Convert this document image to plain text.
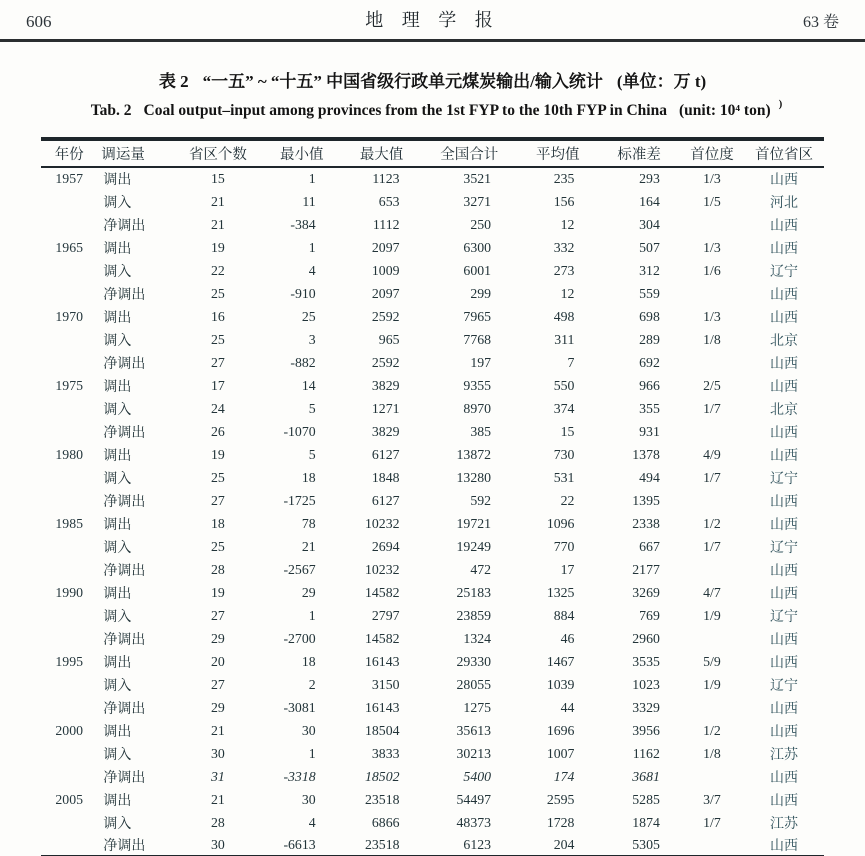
606	地 理 学 报	63 卷
表 2 “一五” ~ “十五” 中国省级行政单元煤炭输出/输入统计 (单位：万 t)
Tab. 2 Coal output–input among provinces from the 1st FYP to the 10th FYP in China (unit: 10⁴ ton) )
年份	调运量	省区个数	最小值	最大值	全国合计	平均值	标准差	首位度	首位省区
1957	调出	15	1	1123	3521	235	293	1/3	山西
	调入	21	11	653	3271	156	164	1/5	河北
	净调出	21	-384	1112	250	12	304		山西
1965	调出	19	1	2097	6300	332	507	1/3	山西
	调入	22	4	1009	6001	273	312	1/6	辽宁
	净调出	25	-910	2097	299	12	559		山西
1970	调出	16	25	2592	7965	498	698	1/3	山西
	调入	25	3	965	7768	311	289	1/8	北京
	净调出	27	-882	2592	197	7	692		山西
1975	调出	17	14	3829	9355	550	966	2/5	山西
	调入	24	5	1271	8970	374	355	1/7	北京
	净调出	26	-1070	3829	385	15	931		山西
1980	调出	19	5	6127	13872	730	1378	4/9	山西
	调入	25	18	1848	13280	531	494	1/7	辽宁
	净调出	27	-1725	6127	592	22	1395		山西
1985	调出	18	78	10232	19721	1096	2338	1/2	山西
	调入	25	21	2694	19249	770	667	1/7	辽宁
	净调出	28	-2567	10232	472	17	2177		山西
1990	调出	19	29	14582	25183	1325	3269	4/7	山西
	调入	27	1	2797	23859	884	769	1/9	辽宁
	净调出	29	-2700	14582	1324	46	2960		山西
1995	调出	20	18	16143	29330	1467	3535	5/9	山西
	调入	27	2	3150	28055	1039	1023	1/9	辽宁
	净调出	29	-3081	16143	1275	44	3329		山西
2000	调出	21	30	18504	35613	1696	3956	1/2	山西
	调入	30	1	3833	30213	1007	1162	1/8	江苏
	净调出	31	-3318	18502	5400	174	3681		山西
2005	调出	21	30	23518	54497	2595	5285	3/7	山西
	调入	28	4	6866	48373	1728	1874	1/7	江苏
	净调出	30	-6613	23518	6123	204	5305		山西
